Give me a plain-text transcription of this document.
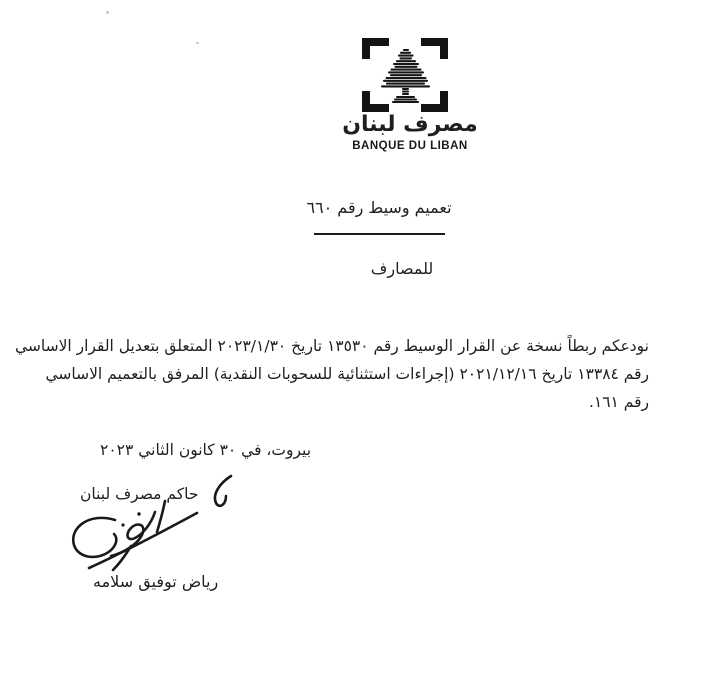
مصرف لبنان
BANQUE DU LIBAN
تعميم وسيط رقم ٦٦٠
للمصارف
نودعكم ربطاً نسخة عن القرار الوسيط رقم ١٣٥٣٠ تاريخ ٢٠٢٣/١/٣٠ المتعلق بتعديل القرار الاساسي
رقم ١٣٣٨٤ تاريخ ٢٠٢١/١٢/١٦ (إجراءات استثنائية للسحوبات النقدية) المرفق بالتعميم الاساسي
رقم ١٦١.
بيروت، في ٣٠ كانون الثاني ٢٠٢٣
حاكم مصرف لبنان
رياض توفيق سلامه
